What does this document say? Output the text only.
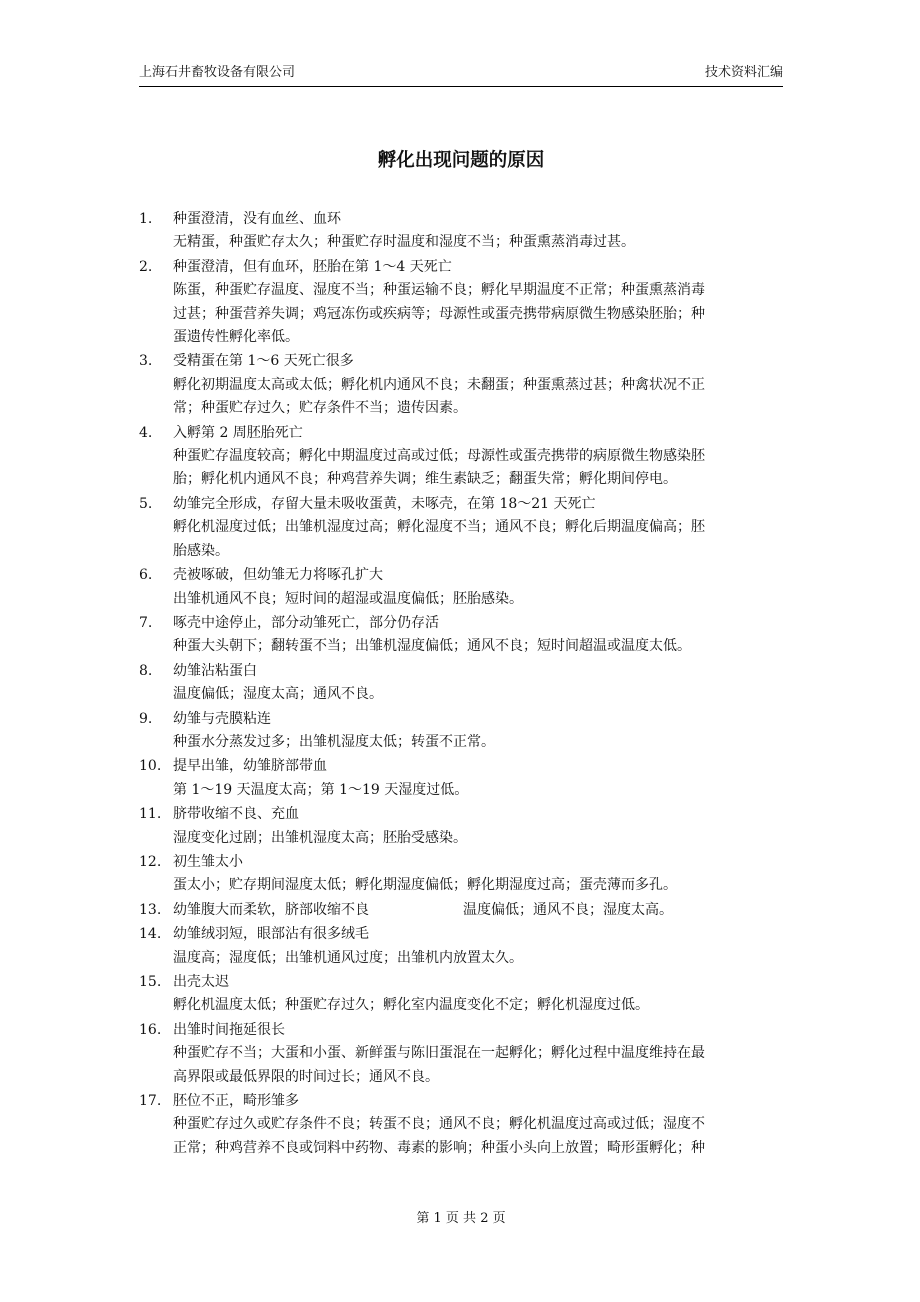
上海石井畜牧设备有限公司	技术资料汇编
孵化出现问题的原因
1. 种蛋澄清，没有血丝、血环
无精蛋，种蛋贮存太久；种蛋贮存时温度和湿度不当；种蛋熏蒸消毒过甚。
2. 种蛋澄清，但有血环，胚胎在第 1～4 天死亡
陈蛋，种蛋贮存温度、湿度不当；种蛋运输不良；孵化早期温度不正常；种蛋熏蒸消毒
过甚；种蛋营养失调；鸡冠冻伤或疾病等；母源性或蛋壳携带病原微生物感染胚胎；种
蛋遗传性孵化率低。
3. 受精蛋在第 1～6 天死亡很多
孵化初期温度太高或太低；孵化机内通风不良；未翻蛋；种蛋熏蒸过甚；种禽状况不正
常；种蛋贮存过久；贮存条件不当；遗传因素。
4. 入孵第 2 周胚胎死亡
种蛋贮存温度较高；孵化中期温度过高或过低；母源性或蛋壳携带的病原微生物感染胚
胎；孵化机内通风不良；种鸡营养失调；维生素缺乏；翻蛋失常；孵化期间停电。
5. 幼雏完全形成，存留大量未吸收蛋黄，未啄壳，在第 18～21 天死亡
孵化机湿度过低；出雏机湿度过高；孵化湿度不当；通风不良；孵化后期温度偏高；胚
胎感染。
6. 壳被啄破，但幼雏无力将啄孔扩大
出雏机通风不良；短时间的超湿或温度偏低；胚胎感染。
7. 啄壳中途停止，部分动雏死亡，部分仍存活
种蛋大头朝下；翻转蛋不当；出雏机湿度偏低；通风不良；短时间超温或温度太低。
8. 幼雏沾粘蛋白
温度偏低；湿度太高；通风不良。
9. 幼雏与壳膜粘连
种蛋水分蒸发过多；出雏机湿度太低；转蛋不正常。
10. 提早出雏，幼雏脐部带血
第 1～19 天温度太高；第 1～19 天湿度过低。
11. 脐带收缩不良、充血
湿度变化过剧；出雏机湿度太高；胚胎受感染。
12. 初生雏太小
蛋太小；贮存期间湿度太低；孵化期湿度偏低；孵化期湿度过高；蛋壳薄而多孔。
13. 幼雏腹大而柔软，脐部收缩不良	温度偏低；通风不良；湿度太高。
14. 幼雏绒羽短，眼部沾有很多绒毛
温度高；湿度低；出雏机通风过度；出雏机内放置太久。
15. 出壳太迟
孵化机温度太低；种蛋贮存过久；孵化室内温度变化不定；孵化机湿度过低。
16. 出雏时间拖延很长
种蛋贮存不当；大蛋和小蛋、新鲜蛋与陈旧蛋混在一起孵化；孵化过程中温度维持在最
高界限或最低界限的时间过长；通风不良。
17. 胚位不正，畸形雏多
种蛋贮存过久或贮存条件不良；转蛋不良；通风不良；孵化机温度过高或过低；湿度不
正常；种鸡营养不良或饲料中药物、毒素的影响；种蛋小头向上放置；畸形蛋孵化；种
第 1 页 共 2 页
